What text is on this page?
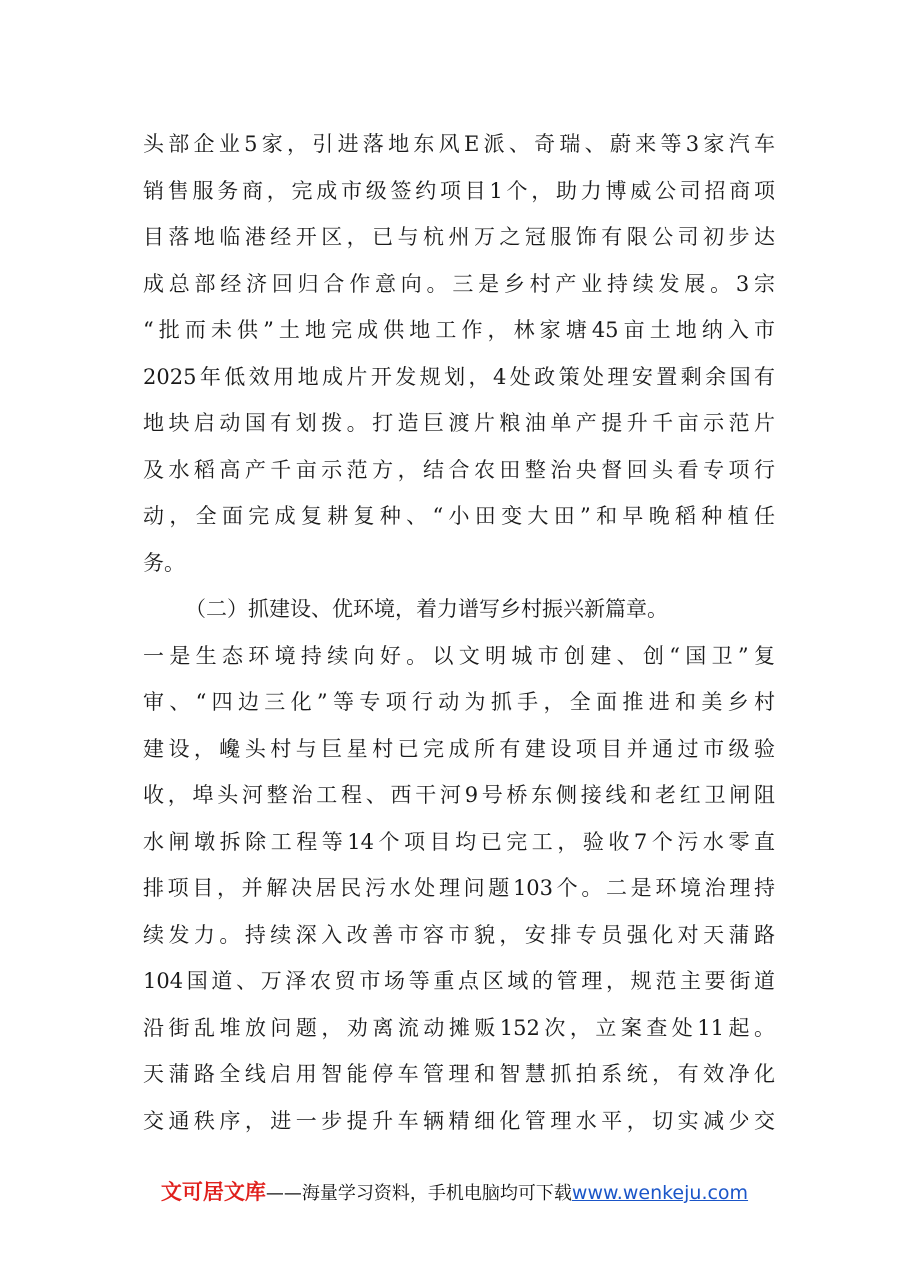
头部企业5家，引进落地东风E派、奇瑞、蔚来等3家汽车
销售服务商，完成市级签约项目1个，助力博威公司招商项
目落地临港经开区，已与杭州万之冠服饰有限公司初步达
成总部经济回归合作意向。三是乡村产业持续发展。3宗
“批而未供”土地完成供地工作，林家塘45亩土地纳入市
2025年低效用地成片开发规划，4处政策处理安置剩余国有
地块启动国有划拨。打造巨渡片粮油单产提升千亩示范片
及水稻高产千亩示范方，结合农田整治央督回头看专项行
动，全面完成复耕复种、“小田变大田”和早晚稻种植任
务。
（二）抓建设、优环境，着力谱写乡村振兴新篇章。
一是生态环境持续向好。以文明城市创建、创“国卫”复
审、“四边三化”等专项行动为抓手，全面推进和美乡村
建设，巉头村与巨星村已完成所有建设项目并通过市级验
收，埠头河整治工程、西干河9号桥东侧接线和老红卫闸阻
水闸墩拆除工程等14个项目均已完工，验收7个污水零直
排项目，并解决居民污水处理问题103个。二是环境治理持
续发力。持续深入改善市容市貌，安排专员强化对天蒲路
104国道、万泽农贸市场等重点区域的管理，规范主要街道
沿街乱堆放问题，劝离流动摊贩152次，立案查处11起。
天蒲路全线启用智能停车管理和智慧抓拍系统，有效净化
交通秩序，进一步提升车辆精细化管理水平，切实减少交
文可居文库——海量学习资料，手机电脑均可下载www.wenkeju.com
